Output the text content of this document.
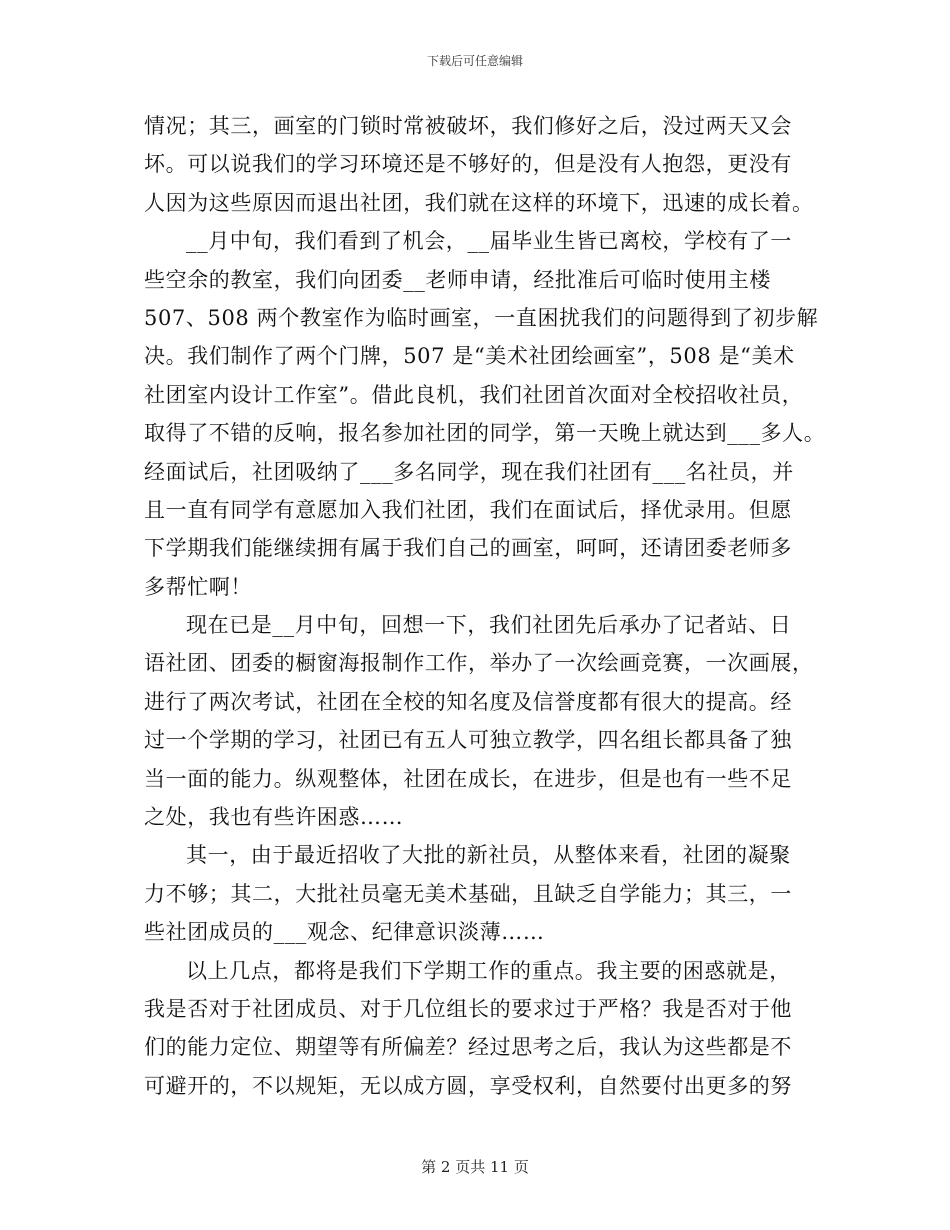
下载后可任意编辑
情况；其三，画室的门锁时常被破坏，我们修好之后，没过两天又会
坏。可以说我们的学习环境还是不够好的，但是没有人抱怨，更没有
人因为这些原因而退出社团，我们就在这样的环境下，迅速的成长着。
__月中旬，我们看到了机会，__届毕业生皆已离校，学校有了一
些空余的教室，我们向团委__老师申请，经批准后可临时使用主楼
507、508 两个教室作为临时画室，一直困扰我们的问题得到了初步解
决。我们制作了两个门牌，507 是“美术社团绘画室”，508 是“美术
社团室内设计工作室”。借此良机，我们社团首次面对全校招收社员，
取得了不错的反响，报名参加社团的同学，第一天晚上就达到___多人。
经面试后，社团吸纳了___多名同学，现在我们社团有___名社员，并
且一直有同学有意愿加入我们社团，我们在面试后，择优录用。但愿
下学期我们能继续拥有属于我们自己的画室，呵呵，还请团委老师多
多帮忙啊！
现在已是__月中旬，回想一下，我们社团先后承办了记者站、日
语社团、团委的橱窗海报制作工作，举办了一次绘画竞赛，一次画展，
进行了两次考试，社团在全校的知名度及信誉度都有很大的提高。经
过一个学期的学习，社团已有五人可独立教学，四名组长都具备了独
当一面的能力。纵观整体，社团在成长，在进步，但是也有一些不足
之处，我也有些许困惑……
其一，由于最近招收了大批的新社员，从整体来看，社团的凝聚
力不够；其二，大批社员毫无美术基础，且缺乏自学能力；其三，一
些社团成员的___观念、纪律意识淡薄……
以上几点，都将是我们下学期工作的重点。我主要的困惑就是，
我是否对于社团成员、对于几位组长的要求过于严格？我是否对于他
们的能力定位、期望等有所偏差？经过思考之后，我认为这些都是不
可避开的，不以规矩，无以成方圆，享受权利，自然要付出更多的努
第 2 页共 11 页
